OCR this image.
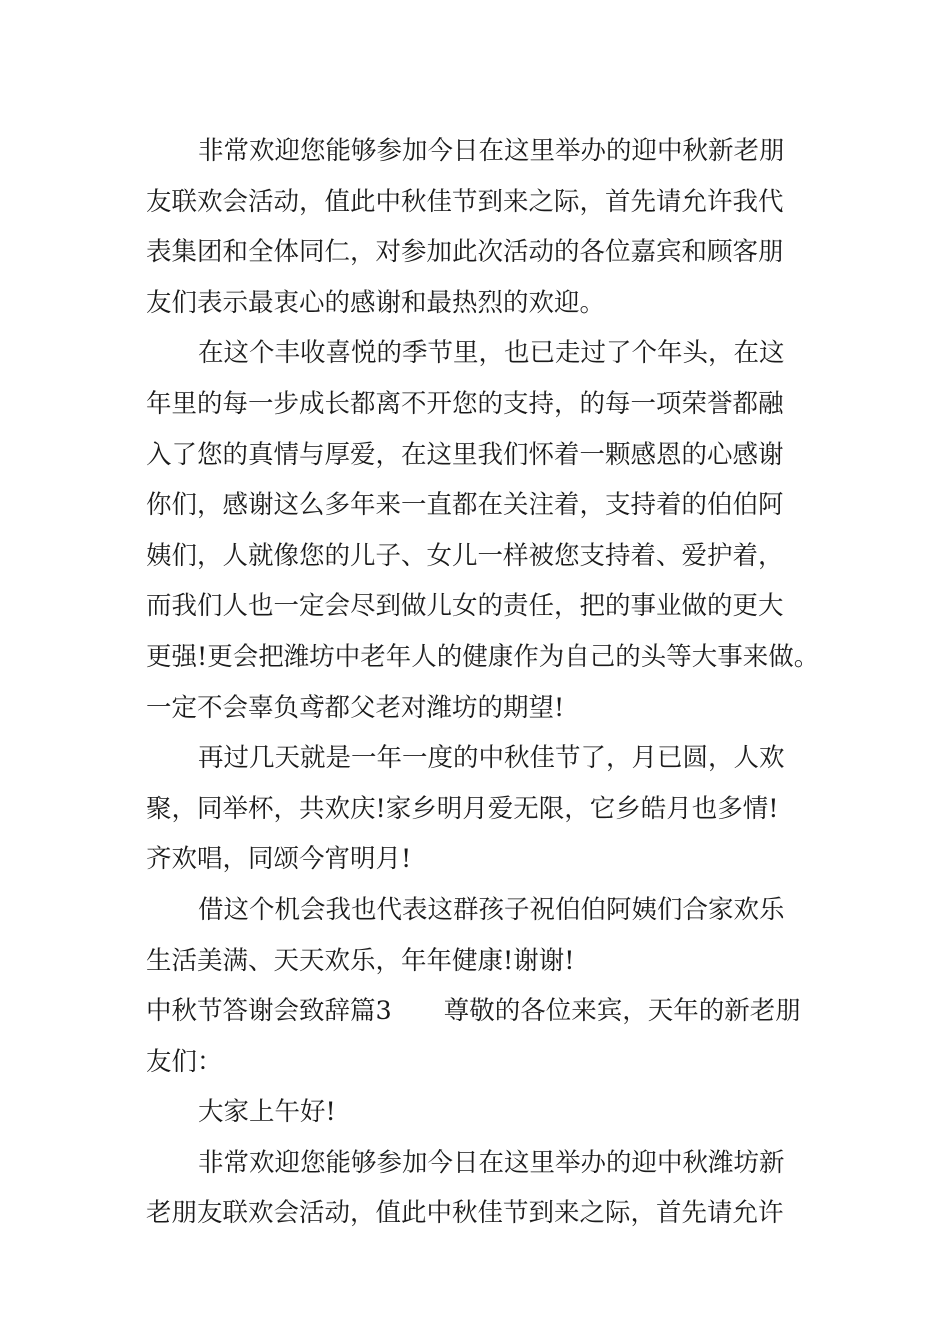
非常欢迎您能够参加今日在这里举办的迎中秋新老朋
友联欢会活动，值此中秋佳节到来之际，首先请允许我代
表集团和全体同仁，对参加此次活动的各位嘉宾和顾客朋
友们表示最衷心的感谢和最热烈的欢迎。
在这个丰收喜悦的季节里，也已走过了个年头，在这
年里的每一步成长都离不开您的支持，的每一项荣誉都融
入了您的真情与厚爱，在这里我们怀着一颗感恩的心感谢
你们，感谢这么多年来一直都在关注着，支持着的伯伯阿
姨们，人就像您的儿子、女儿一样被您支持着、爱护着，
而我们人也一定会尽到做儿女的责任，把的事业做的更大
更强!更会把潍坊中老年人的健康作为自己的头等大事来做。
一定不会辜负鸢都父老对潍坊的期望!
再过几天就是一年一度的中秋佳节了，月已圆，人欢
聚，同举杯，共欢庆!家乡明月爱无限，它乡皓月也多情!
齐欢唱，同颂今宵明月!
借这个机会我也代表这群孩子祝伯伯阿姨们合家欢乐
生活美满、天天欢乐，年年健康!谢谢!
中秋节答谢会致辞篇3 尊敬的各位来宾，天年的新老朋
友们：
大家上午好!
非常欢迎您能够参加今日在这里举办的迎中秋潍坊新
老朋友联欢会活动，值此中秋佳节到来之际，首先请允许
